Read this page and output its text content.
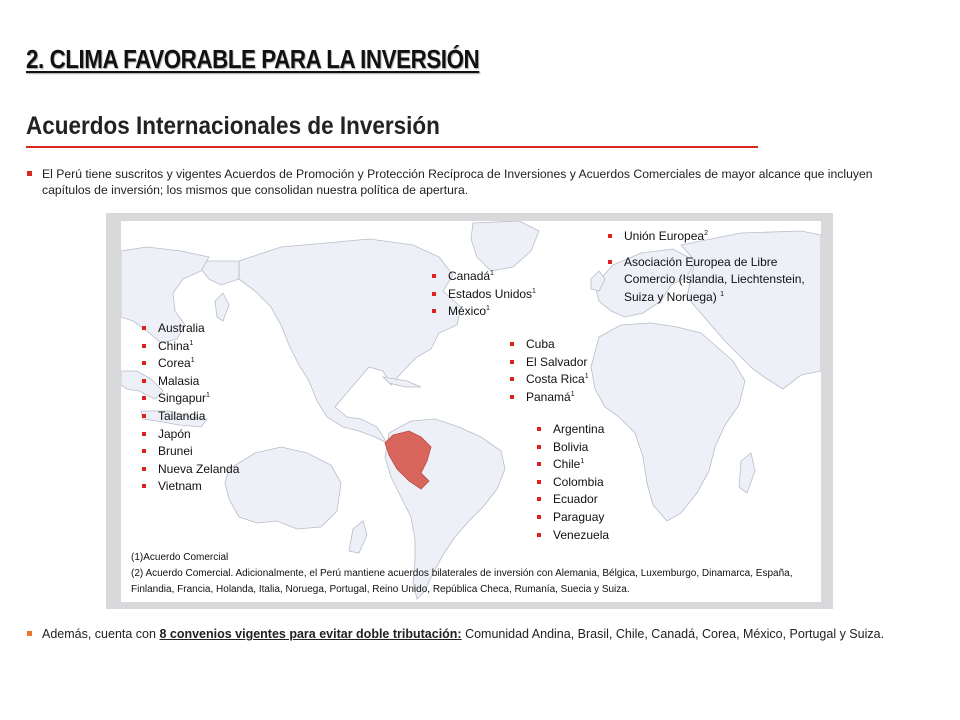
2. CLIMA FAVORABLE PARA LA INVERSIÓN
Acuerdos Internacionales de Inversión
El Perú tiene suscritos y vigentes Acuerdos de Promoción y Protección Recíproca de Inversiones y Acuerdos Comerciales de mayor alcance que incluyen capítulos de inversión; los mismos que consolidan nuestra política de apertura.
Unión Europea$^2$
Asociación Europea de Libre
Comercio (Islandia, Liechtenstein,
Suiza y Noruega) $^1$
Canadá$^1$
Estados Unidos$^1$
México$^1$
Cuba
El Salvador
Costa Rica$^1$
Panamá$^1$
Australia
China$^1$
Corea$^1$
Malasia
Singapur$^1$
Tailandia
Japón
Brunei
Nueva Zelanda
Vietnam
Argentina
Bolivia
Chile$^1$
Colombia
Ecuador
Paraguay
Venezuela
(1)Acuerdo Comercial
(2) Acuerdo Comercial. Adicionalmente, el Perú mantiene acuerdos bilaterales de inversión con Alemania, Bélgica, Luxemburgo, Dinamarca, España,
Finlandia, Francia, Holanda, Italia, Noruega, Portugal, Reino Unido, República Checa, Rumanía, Suecia y Suiza.
Además, cuenta con 8 convenios vigentes para evitar doble tributación: Comunidad Andina, Brasil, Chile, Canadá, Corea, México, Portugal y Suiza.
